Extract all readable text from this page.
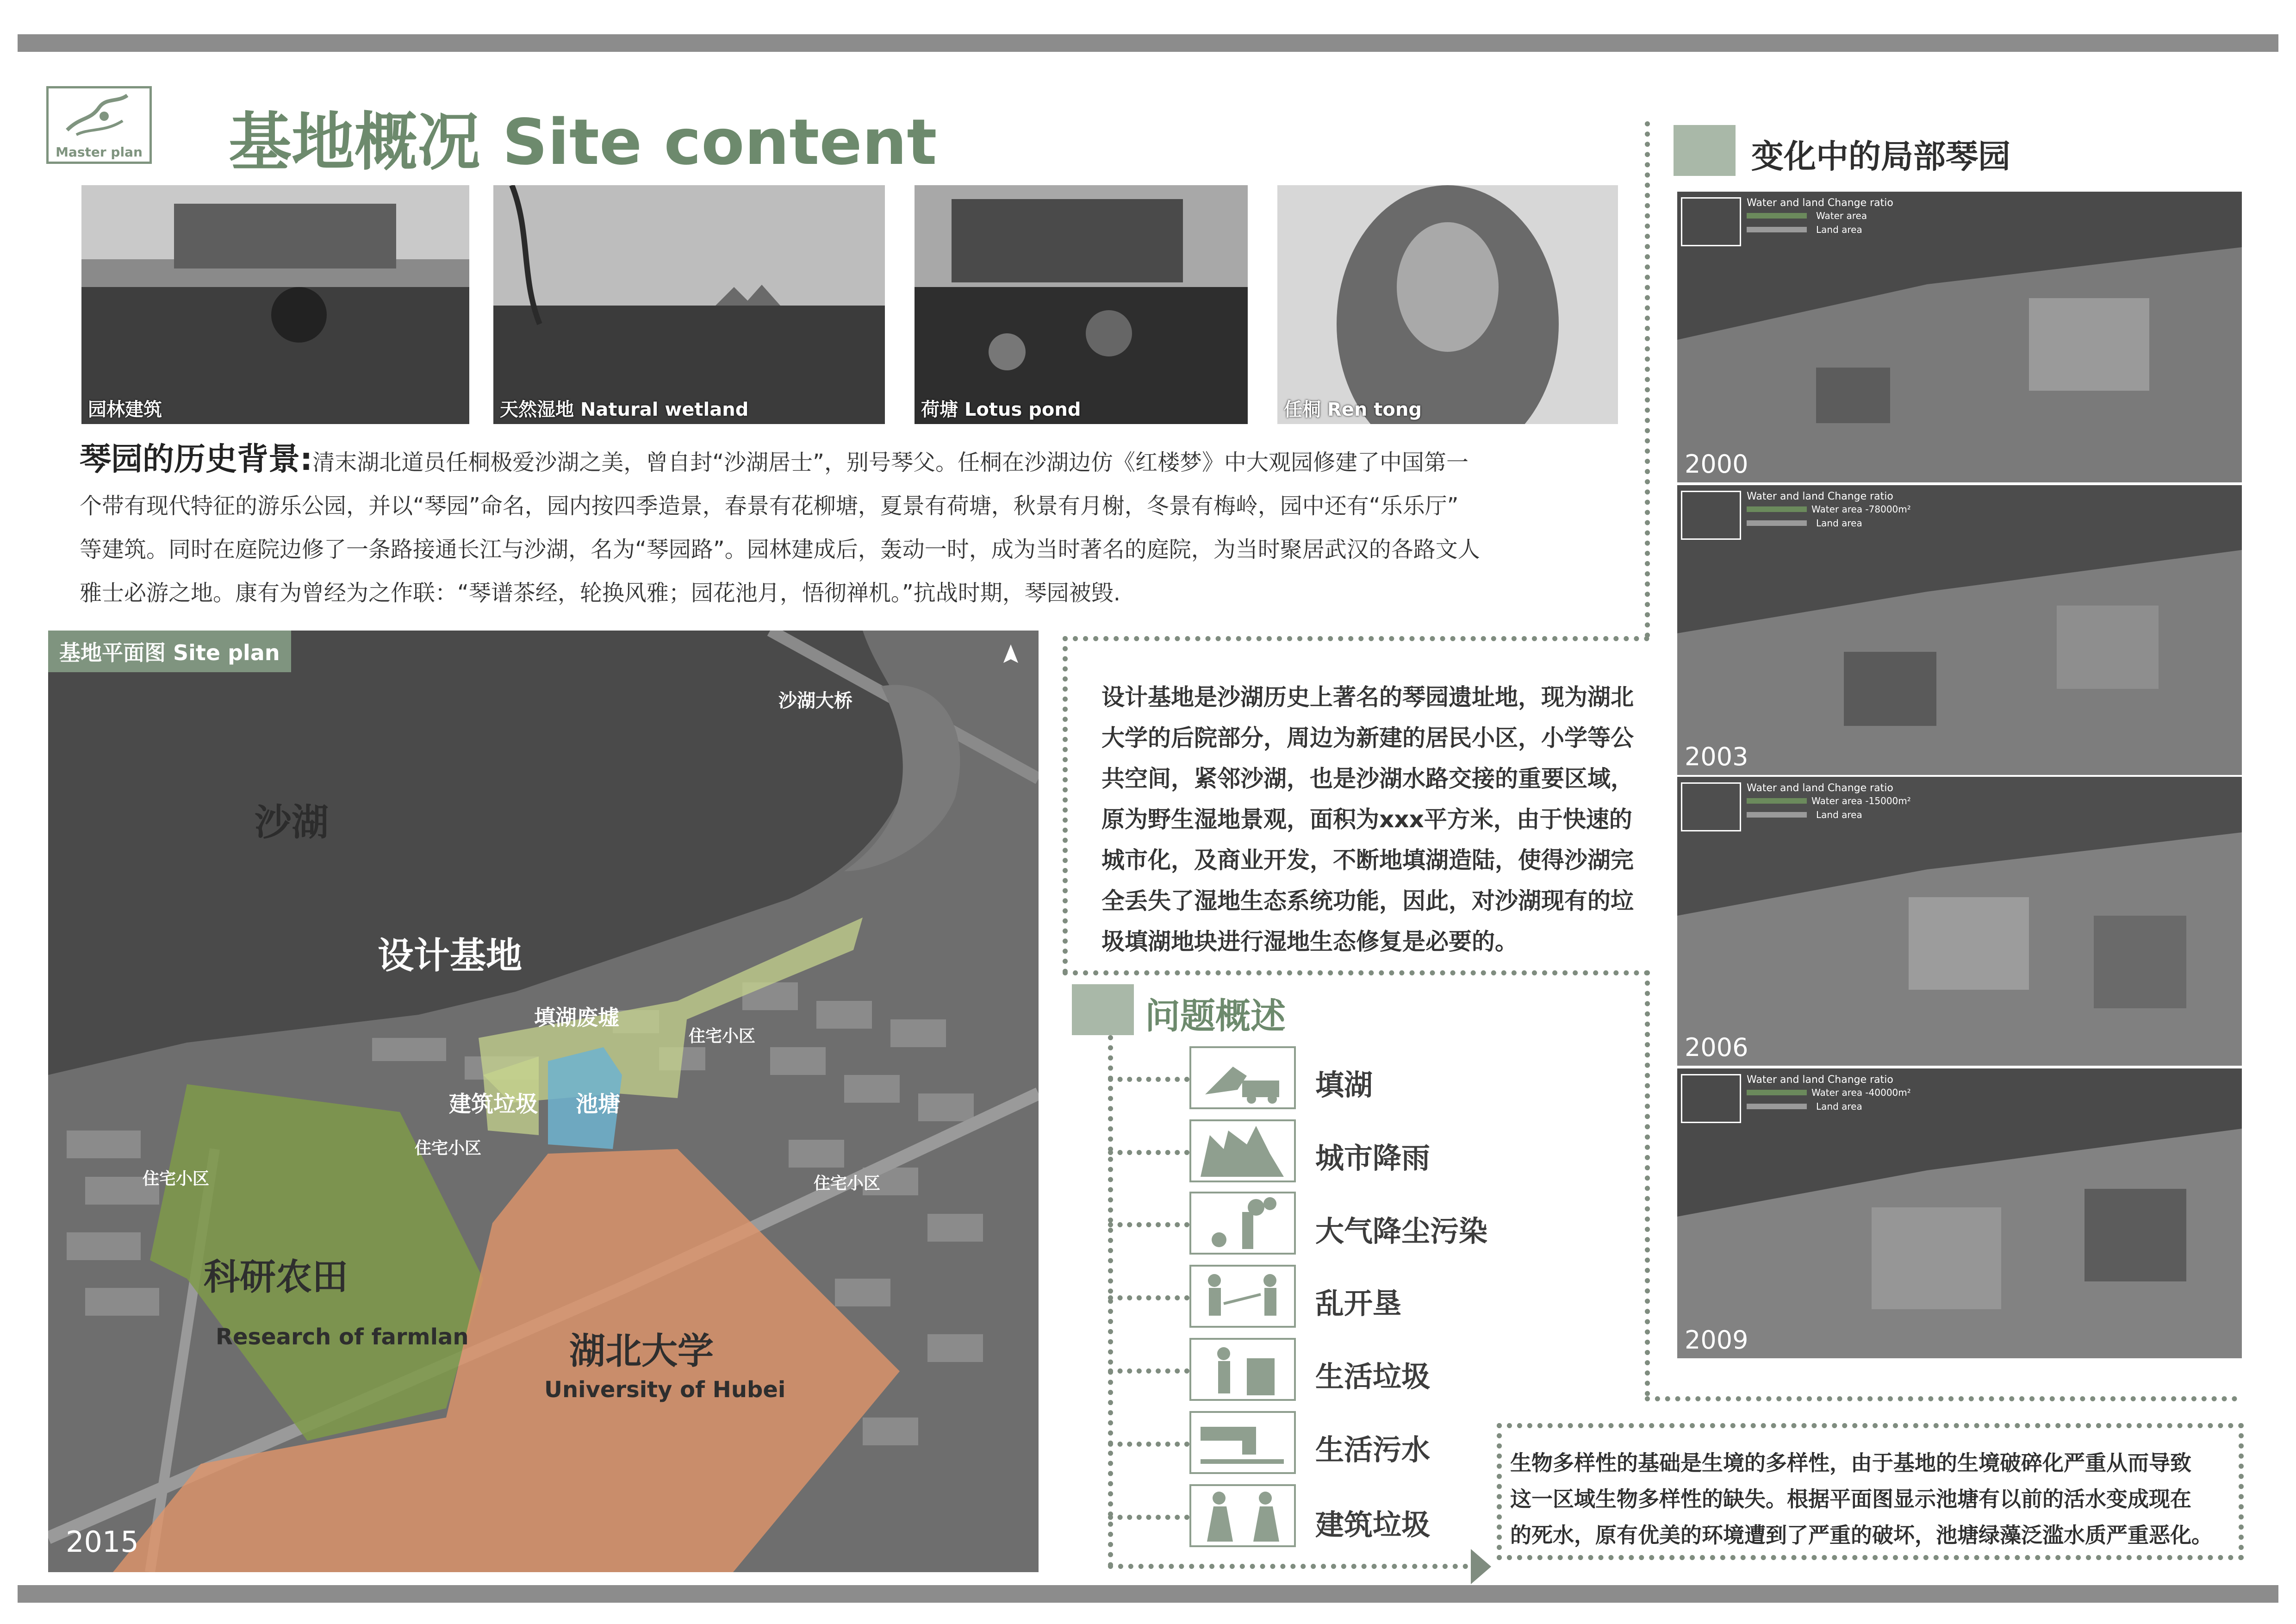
Master plan 基地概况 Site content
园林建筑	天然湿地 Natural wetland	荷塘 Lotus pond	任桐 Ren tong
琴园的历史背景:清末湖北道员任桐极爱沙湖之美，曾自封“沙湖居士”，别号琴父。任桐在沙湖边仿《红楼梦》中大观园修建了中国第一
个带有现代特征的游乐公园，并以“琴园”命名，园内按四季造景，春景有花柳塘，夏景有荷塘，秋景有月榭，冬景有梅岭，园中还有“乐乐厅”
等建筑。同时在庭院边修了一条路接通长江与沙湖，名为“琴园路”。园林建成后，轰动一时，成为当时著名的庭院，为当时聚居武汉的各路文人
雅士必游之地。康有为曾经为之作联：“琴谱茶经，轮换风雅；园花池月，悟彻禅机。”抗战时期，琴园被毁.
基地平面图 Site plan
沙湖大桥
沙湖
设计基地
填湖废墟
建筑垃圾 池塘
住宅小区
住宅小区
住宅小区	住宅小区
科研农田
Research of farmlan	湖北大学
University of Hubei
2015
设计基地是沙湖历史上著名的琴园遗址地，现为湖北
大学的后院部分，周边为新建的居民小区，小学等公
共空间，紧邻沙湖，也是沙湖水路交接的重要区域，
原为野生湿地景观，面积为xxx平方米，由于快速的
城市化，及商业开发，不断地填湖造陆，使得沙湖完
全丢失了湿地生态系统功能，因此，对沙湖现有的垃
圾填湖地块进行湿地生态修复是必要的。
问题概述
填湖
城市降雨
大气降尘污染
乱开垦
生活垃圾
生活污水
建筑垃圾
变化中的局部琴园
Water and land Change ratio
Water area
Land area
2000
Water and land Change ratio
Water area -78000m²
Land area
2003
Water and land Change ratio
Water area -15000m²
Land area
2006
Water and land Change ratio
Water area -40000m²
Land area
2009
生物多样性的基础是生境的多样性，由于基地的生境破碎化严重从而导致
这一区域生物多样性的缺失。根据平面图显示池塘有以前的活水变成现在
的死水，原有优美的环境遭到了严重的破坏，池塘绿藻泛滥水质严重恶化。
